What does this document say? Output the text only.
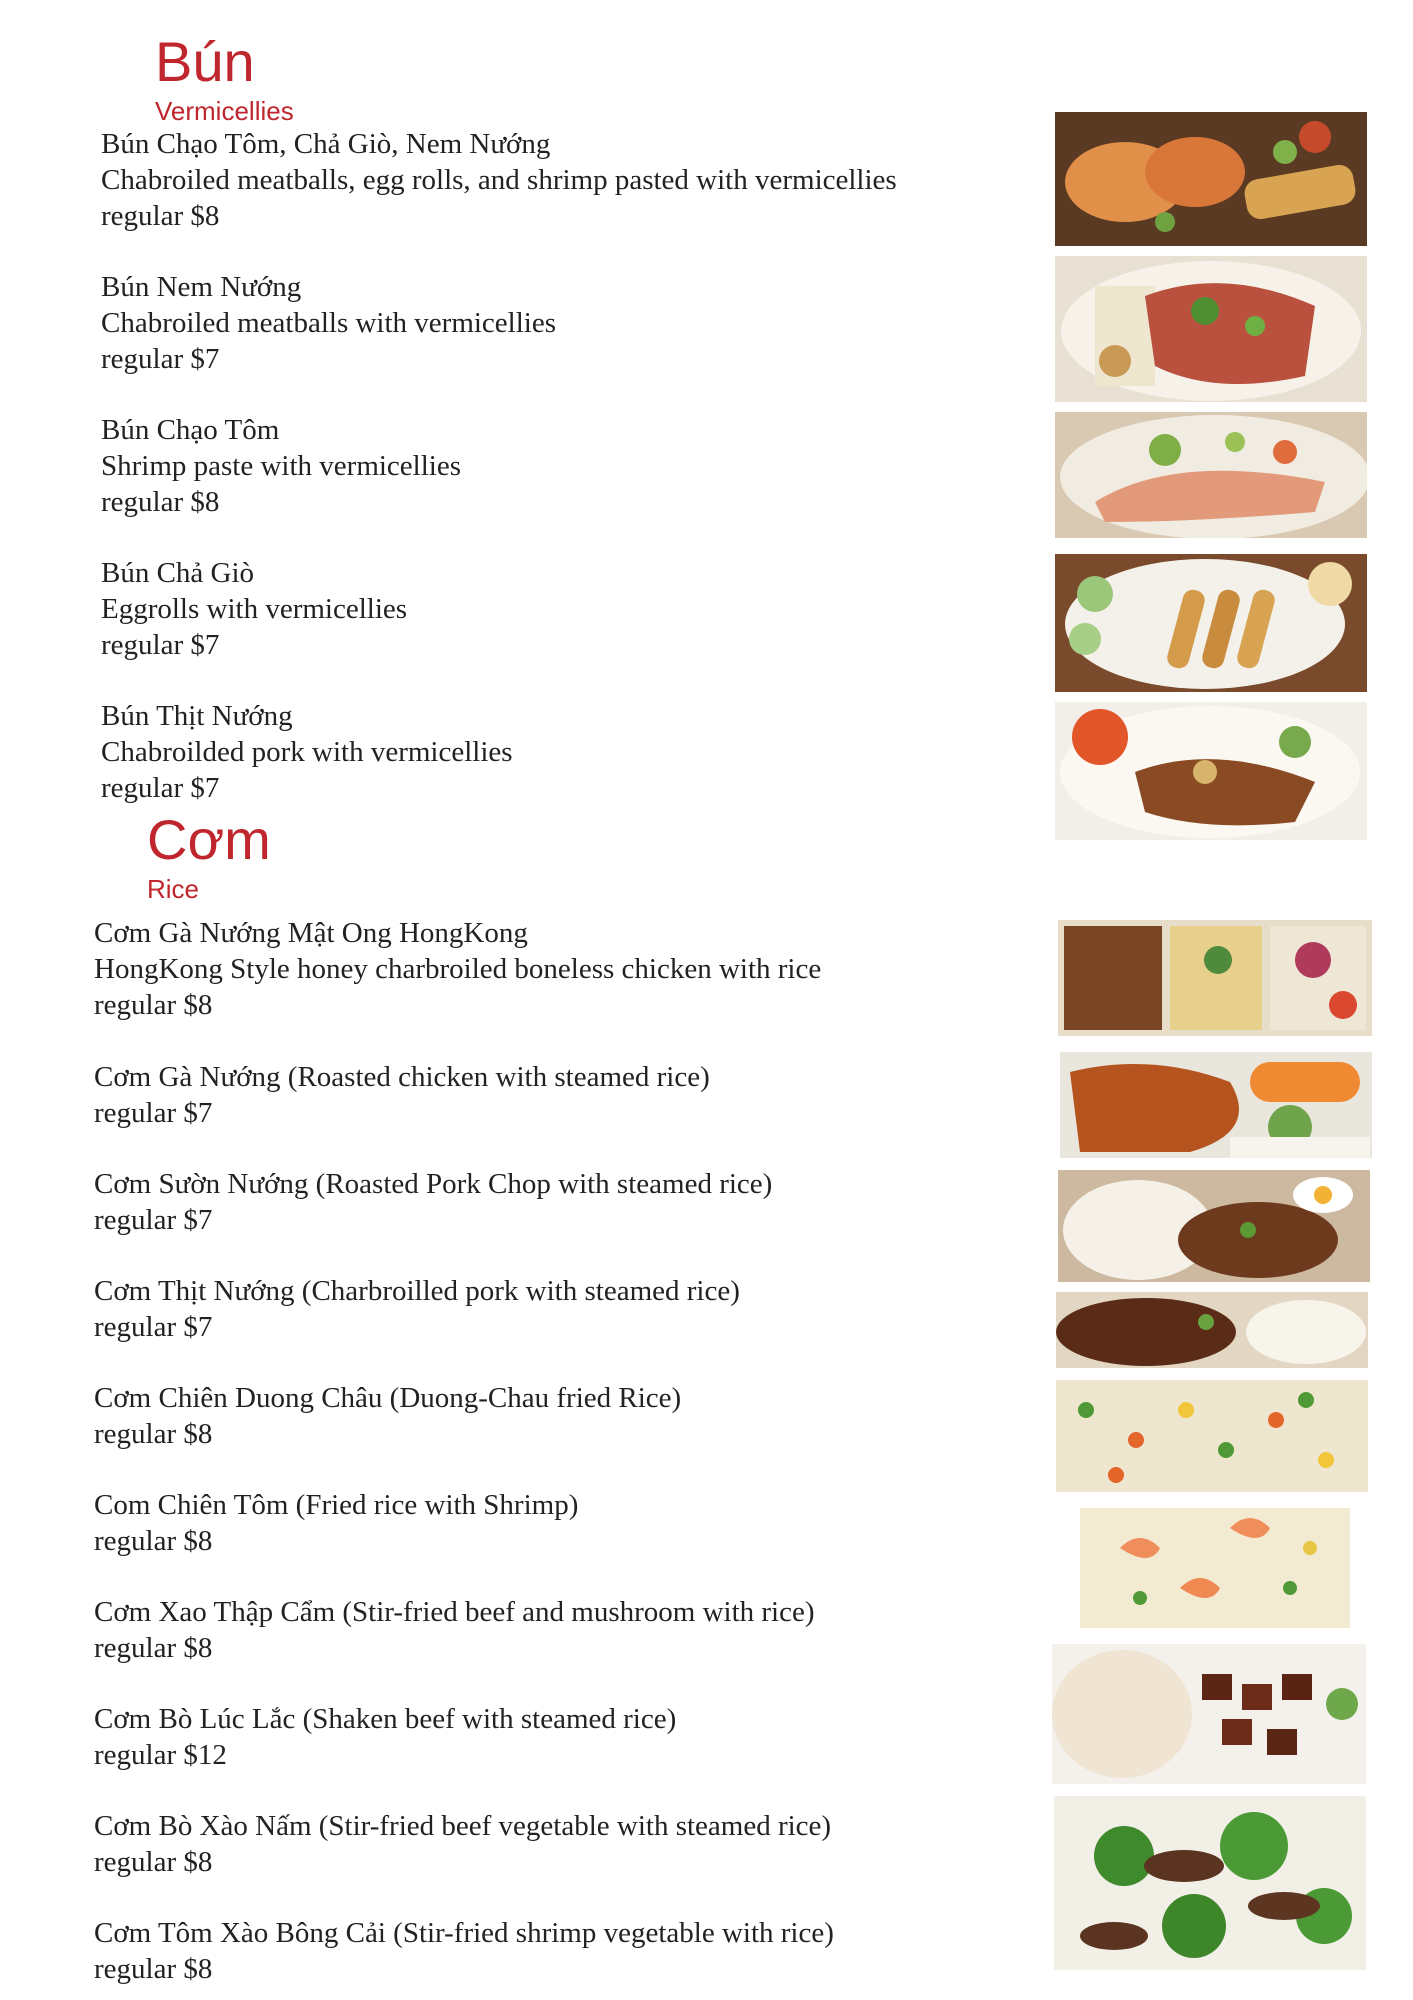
Bún
Vermicellies
Bún Chạo Tôm, Chả Giò, Nem Nướng
Chabroiled meatballs, egg rolls, and shrimp pasted with vermicellies
regular $8
Bún Nem Nướng
Chabroiled meatballs with vermicellies
regular $7
Bún Chạo Tôm
Shrimp paste with vermicellies
regular $8
Bún Chả Giò
Eggrolls with vermicellies
regular $7
Bún Thịt Nướng
Chabroilded pork with vermicellies
regular $7
Cơm
Rice
Cơm Gà Nướng Mật Ong HongKong
HongKong Style honey charbroiled boneless chicken with rice
regular $8
Cơm Gà Nướng (Roasted chicken with steamed rice)
regular $7
Cơm Sườn Nướng (Roasted Pork Chop with steamed rice)
regular $7
Cơm Thịt Nướng (Charbroilled pork with steamed rice)
regular $7
Cơm Chiên Duong Châu (Duong-Chau fried Rice)
regular $8
Com Chiên Tôm (Fried rice with Shrimp)
regular $8
Cơm Xao Thập Cẩm (Stir-fried beef and mushroom with rice)
regular $8
Cơm Bò Lúc Lắc (Shaken beef with steamed rice)
regular $12
Cơm Bò Xào Nấm (Stir-fried beef vegetable with steamed rice)
regular $8
Cơm Tôm Xào Bông Cải (Stir-fried shrimp vegetable with rice)
regular $8
